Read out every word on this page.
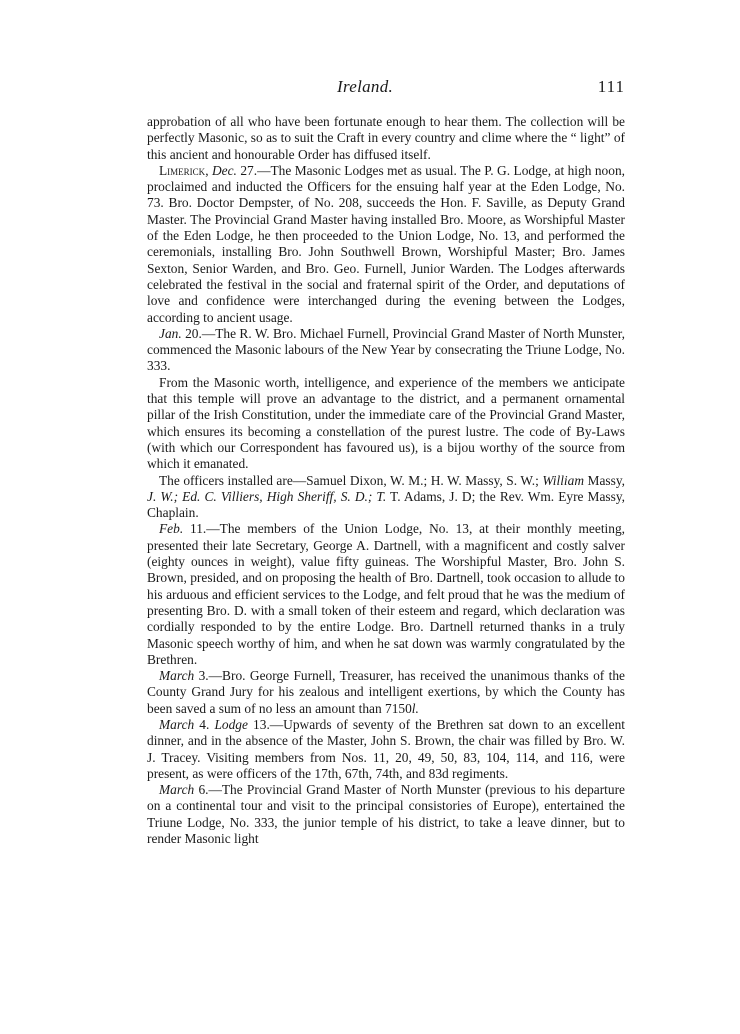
Ireland.	111

approbation of all who have been fortunate enough to hear them. The collection will be perfectly Masonic, so as to suit the Craft in every country and clime where the “ light” of this ancient and honourable Order has diffused itself.

Limerick, Dec. 27.—The Masonic Lodges met as usual. The P. G. Lodge, at high noon, proclaimed and inducted the Officers for the ensuing half year at the Eden Lodge, No. 73. Bro. Doctor Dempster, of No. 208, succeeds the Hon. F. Saville, as Deputy Grand Master. The Provincial Grand Master having installed Bro. Moore, as Worshipful Master of the Eden Lodge, he then proceeded to the Union Lodge, No. 13, and performed the ceremonials, installing Bro. John Southwell Brown, Worshipful Master; Bro. James Sexton, Senior Warden, and Bro. Geo. Furnell, Junior Warden. The Lodges afterwards celebrated the festival in the social and fraternal spirit of the Order, and deputations of love and confidence were interchanged during the evening between the Lodges, according to ancient usage.

Jan. 20.—The R. W. Bro. Michael Furnell, Provincial Grand Master of North Munster, commenced the Masonic labours of the New Year by consecrating the Triune Lodge, No. 333.

From the Masonic worth, intelligence, and experience of the members we anticipate that this temple will prove an advantage to the district, and a permanent ornamental pillar of the Irish Constitution, under the immediate care of the Provincial Grand Master, which ensures its becoming a constellation of the purest lustre. The code of By-Laws (with which our Correspondent has favoured us), is a bijou worthy of the source from which it emanated.

The officers installed are—Samuel Dixon, W. M.; H. W. Massy, S. W.; William Massy, J. W.; Ed. C. Villiers, High Sheriff, S. D.; T. T. Adams, J. D; the Rev. Wm. Eyre Massy, Chaplain.

Feb. 11.—The members of the Union Lodge, No. 13, at their monthly meeting, presented their late Secretary, George A. Dartnell, with a magnificent and costly salver (eighty ounces in weight), value fifty guineas. The Worshipful Master, Bro. John S. Brown, presided, and on proposing the health of Bro. Dartnell, took occasion to allude to his arduous and efficient services to the Lodge, and felt proud that he was the medium of presenting Bro. D. with a small token of their esteem and regard, which declaration was cordially responded to by the entire Lodge. Bro. Dartnell returned thanks in a truly Masonic speech worthy of him, and when he sat down was warmly congratulated by the Brethren.

March 3.—Bro. George Furnell, Treasurer, has received the unanimous thanks of the County Grand Jury for his zealous and intelligent exertions, by which the County has been saved a sum of no less an amount than 7150l.

March 4. Lodge 13.—Upwards of seventy of the Brethren sat down to an excellent dinner, and in the absence of the Master, John S. Brown, the chair was filled by Bro. W. J. Tracey. Visiting members from Nos. 11, 20, 49, 50, 83, 104, 114, and 116, were present, as were officers of the 17th, 67th, 74th, and 83d regiments.

March 6.—The Provincial Grand Master of North Munster (previous to his departure on a continental tour and visit to the principal consistories of Europe), entertained the Triune Lodge, No. 333, the junior temple of his district, to take a leave dinner, but to render Masonic light
